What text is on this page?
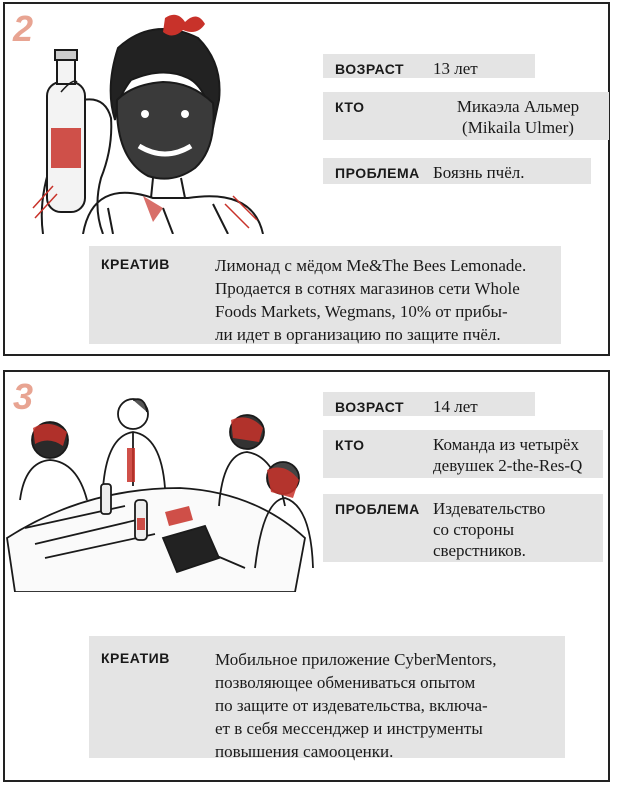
2
ВОЗРАСТ 13 лет
КТО	Микаэла Альмер
(Mikaila Ulmer)
ПРОБЛЕМА Боязнь пчёл.
КРЕАТИВ	Лимонад с мёдом Me&The Bees Lemonade.
Продается в сотнях магазинов сети Whole
Foods Markets, Wegmans, 10% от прибы-
ли идет в организацию по защите пчёл.
3	ВОЗРАСТ 14 лет
КТО	Команда из четырёх
девушек 2-the-Res-Q
ПРОБЛЕМА Издевательство
со стороны
сверстников.
КРЕАТИВ	Мобильное приложение CyberMentors,
позволяющее обмениваться опытом
по защите от издевательства, включа-
ет в себя мессенджер и инструменты
повышения самооценки.
